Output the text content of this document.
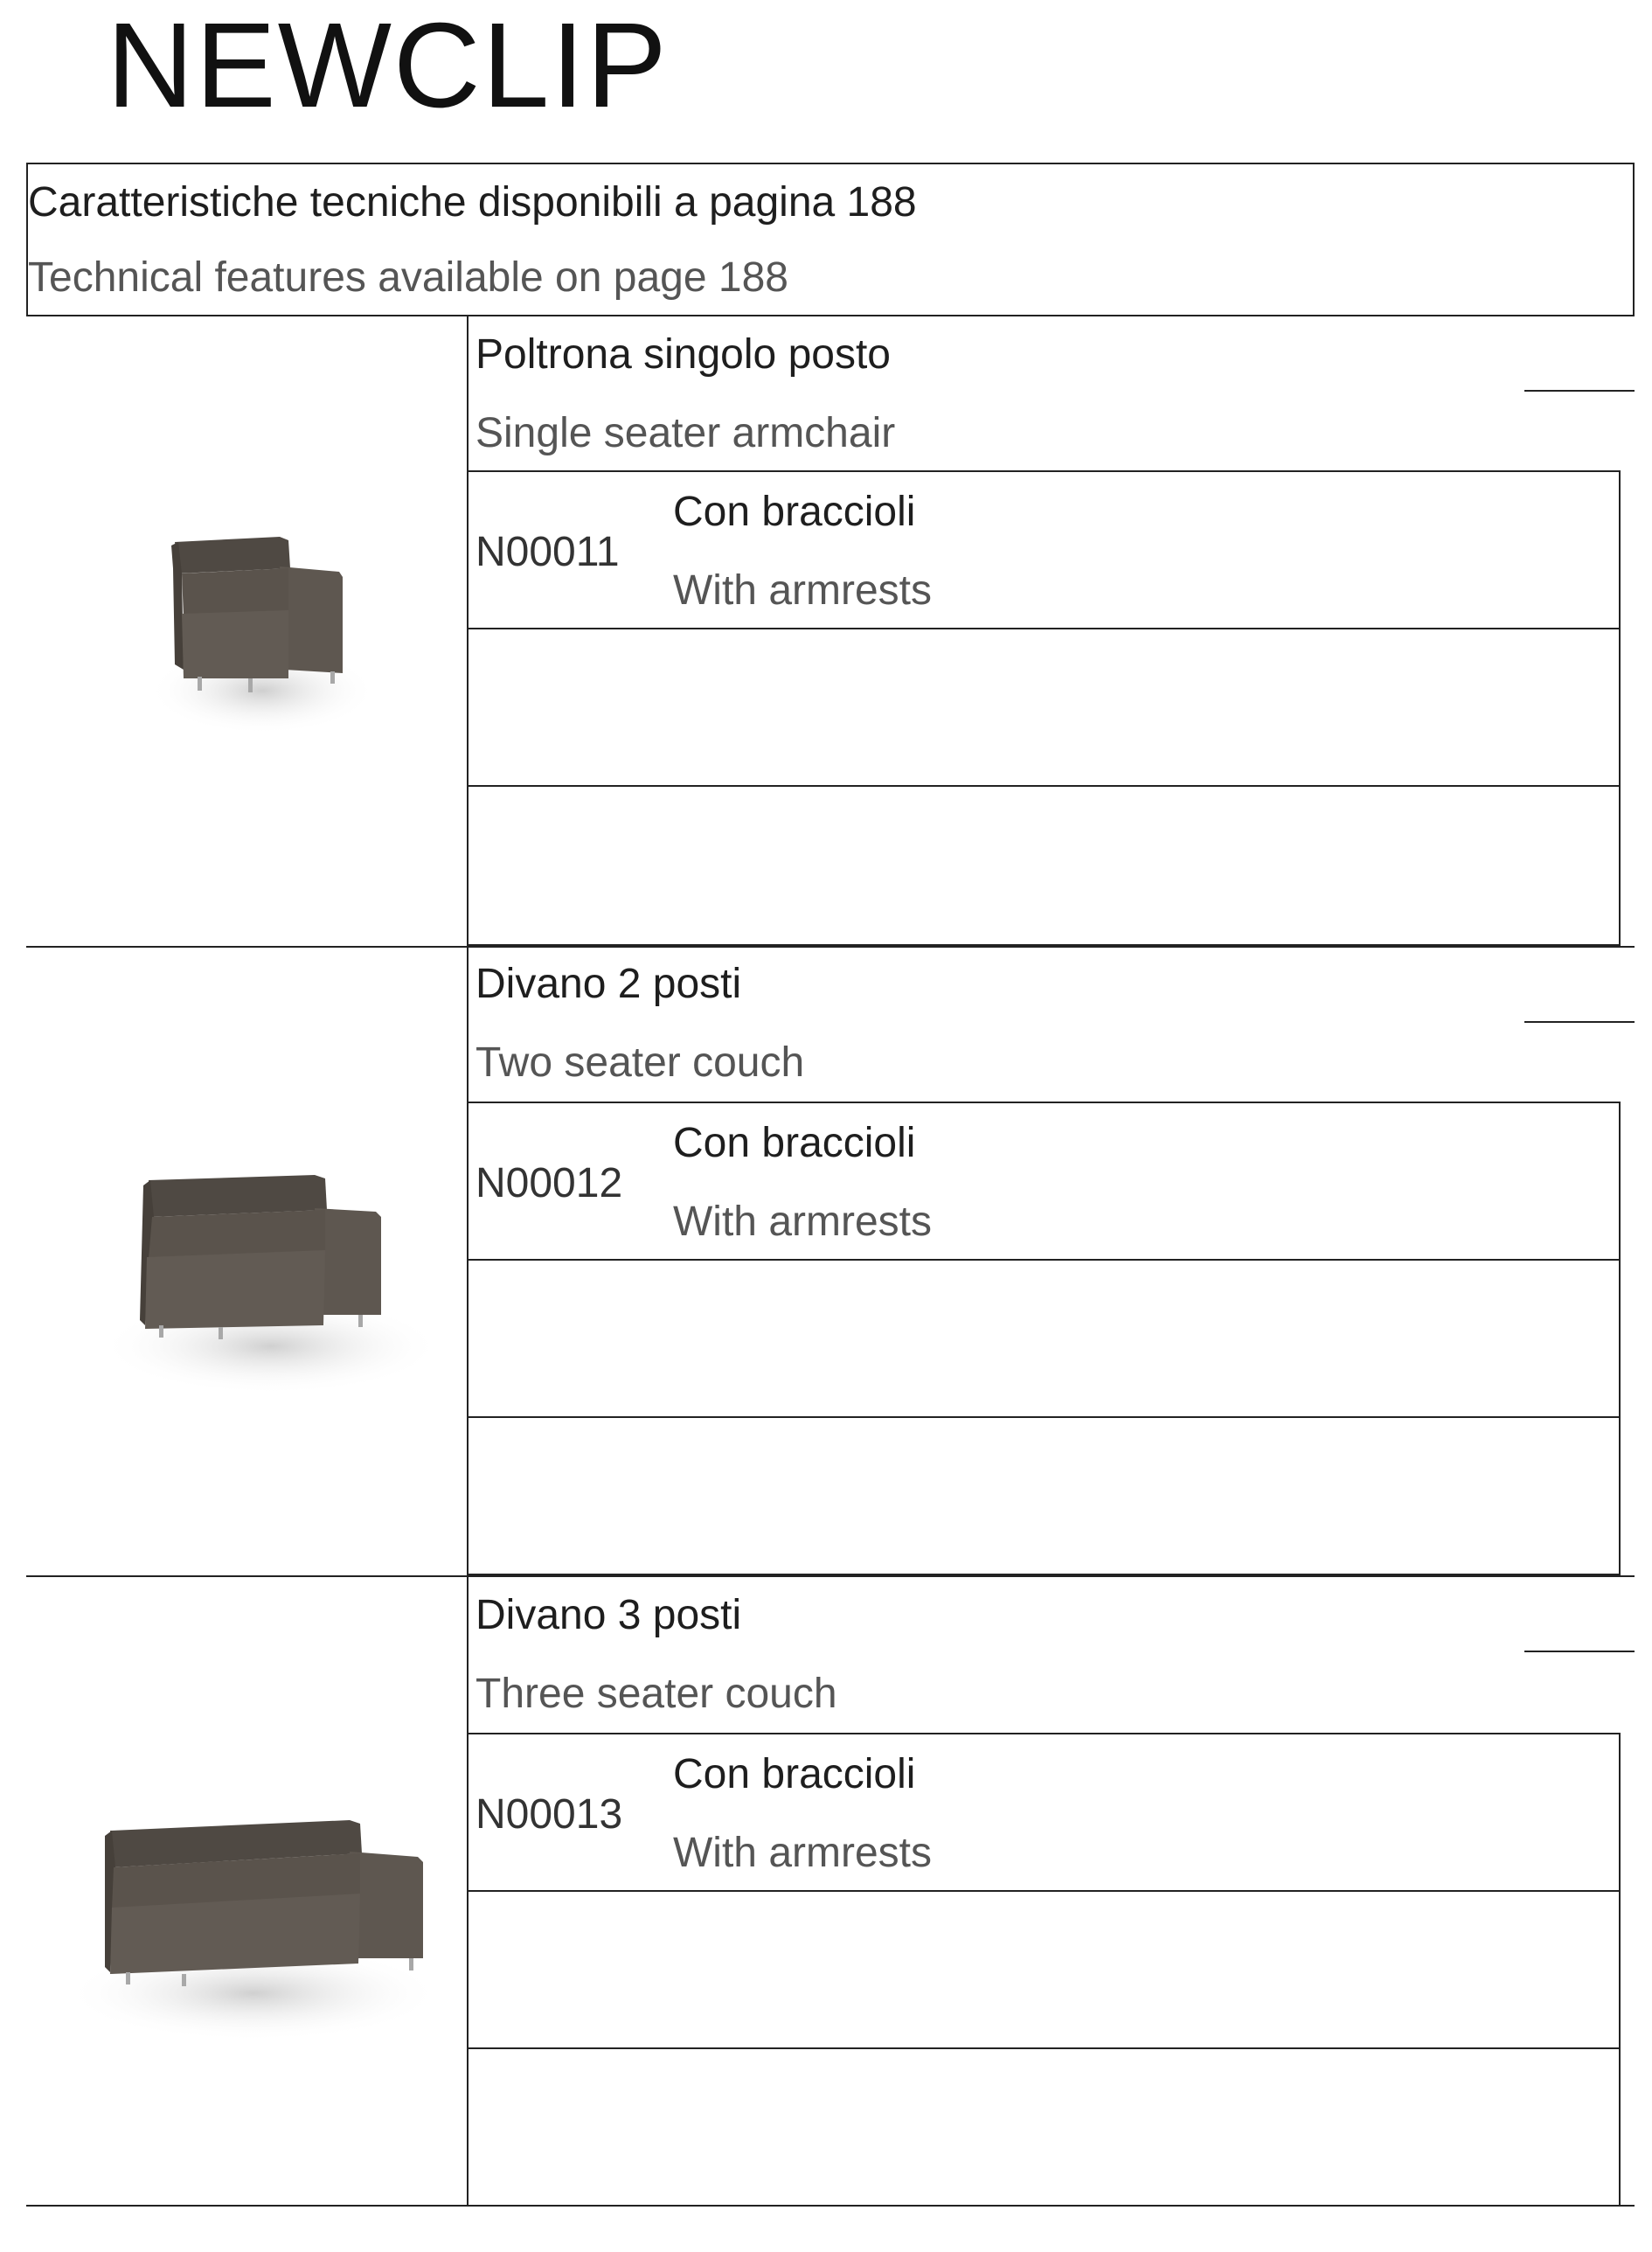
NEWCLIP
Caratteristiche tecniche disponibili a pagina 188
Technical features available on page 188
Poltrona singolo posto
Single seater armchair
N00011
Con braccioli
With armrests
Divano 2 posti
Two seater couch
N00012
Con braccioli
With armrests
Divano 3 posti
Three seater couch
N00013
Con braccioli
With armrests
